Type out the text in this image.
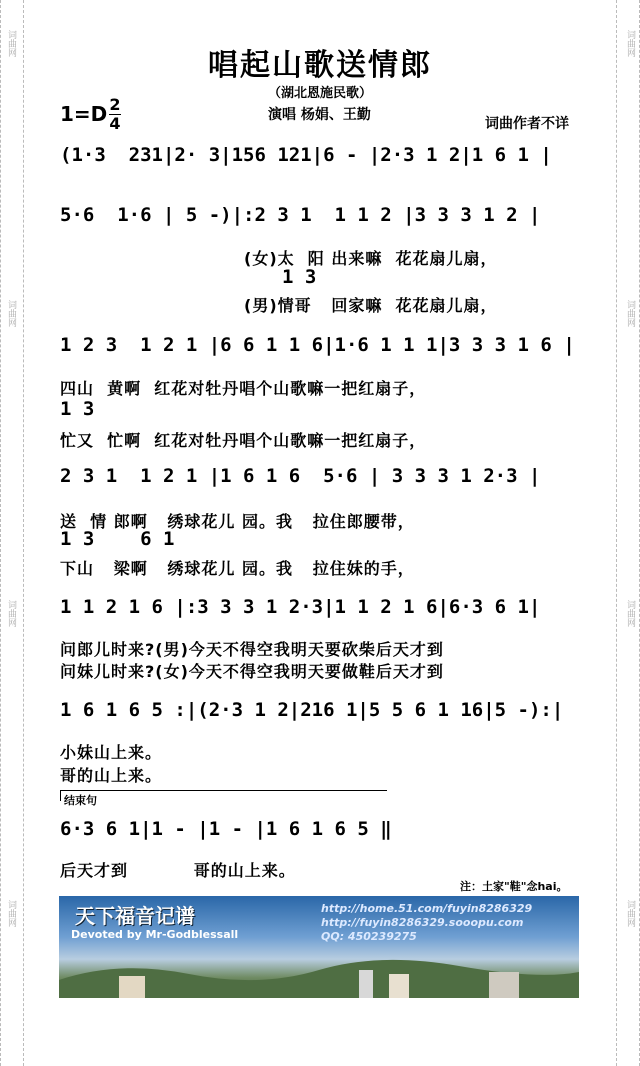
词曲网
词曲网
词曲网
词曲网
词曲网
词曲网
词曲网
词曲网
唱起山歌送情郎
（湖北恩施民歌）
1=D 2
4	演唱 杨娟、王勤
词曲作者不详
(1·3  231|2· 3|156 121|6 - |2·3 1 2|1 6 1 |
5·6  1·6 | 5 -)|:2 3 1  1 1 2 |3 3 3 1 2 |
(女)太  阳 出来嘛  花花扇儿扇，
1 3
(男)情哥   回家嘛  花花扇儿扇，
1 2 3  1 2 1 |6 6 1 1 6|1·6 1 1 1|3 3 3 1 6 |
四山  黄啊  红花对牡丹唱个山歌嘛一把红扇子，
1 3
忙又  忙啊  红花对牡丹唱个山歌嘛一把红扇子，
2 3 1  1 2 1 |1 6 1 6  5·6 | 3 3 3 1 2·3 |
送  情 郎啊   绣球花儿 园。我   拉住郎腰带，
1 3    6 1
下山   梁啊   绣球花儿 园。我   拉住妹的手，
1 1 2 1 6 |:3 3 3 1 2·3|1 1 2 1 6|6·3 6 1|
问郎儿时来?(男)今天不得空我明天要砍柴后天才到
问妹儿时来?(女)今天不得空我明天要做鞋后天才到
1 6 1 6 5 :|(2·3 1 2|216 1|5 5 6 1 16|5 -):|
小妹山上来。
哥的山上来。
结束句
6·3 6 1|1 - |1 - |1 6 1 6 5 ‖
后天才到          哥的山上来。
注：土家"鞋"念hai。
天下福音记谱
Devoted by Mr-Godblessall
http://home.51.com/fuyin8286329
http://fuyin8286329.sooopu.com
QQ: 450239275
